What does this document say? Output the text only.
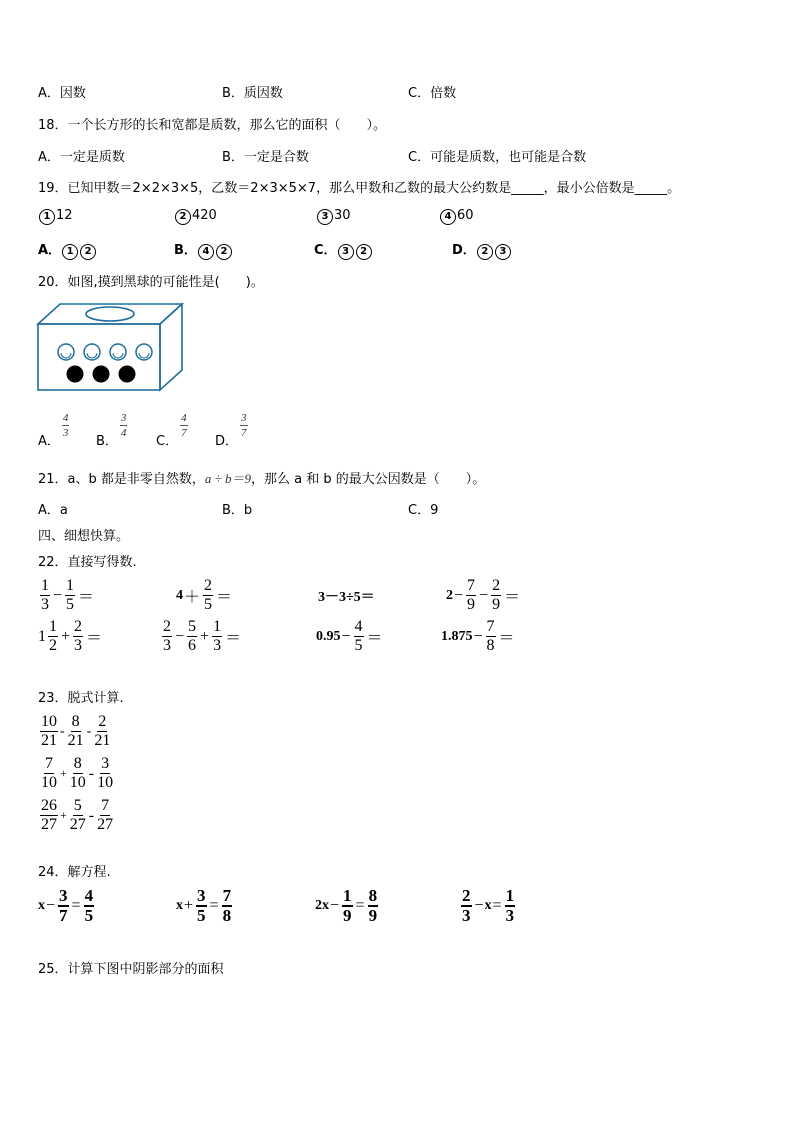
A．因数	B．质因数	C．倍数
18．一个长方形的长和宽都是质数，那么它的面积（　　）。
A．一定是质数	B．一定是合数	C．可能是质数，也可能是合数
19．已知甲数＝2×2×3×5，乙数＝2×3×5×7，那么甲数和乙数的最大公约数是_____，最小公倍数是_____。
1 12	2 420	3 30	4 60
A． 1 2	B． 4 2	C． 3 2	D． 2 3
20．如图,摸到黑球的可能性是(　　)。
A．
$\frac{4}{3}$
B．
$\frac{3}{4}$
C．
$\frac{4}{7}$
D．
$\frac{3}{7}$
21．a、b 都是非零自然数，a ÷ b＝9，那么 a 和 b 的最大公因数是（　　）。
A．a	B．b	C．9
四、细想快算。
22．直接写得数.
$\frac{1}{3} - \frac{1}{5}$ ＝	$4 + \frac{2}{5}$ ＝	3－3÷5＝	$2 - \frac{7}{9} - \frac{2}{9}$ ＝
$1 \frac{1}{2} + \frac{2}{3}$ ＝	$\frac{2}{3} - \frac{5}{6} + \frac{1}{3}$ ＝	$0.95 - \frac{4}{5}$ ＝	$1.875 - \frac{7}{8}$ ＝
23．脱式计算.
$\frac{10}{21} - \frac{8}{21} - \frac{2}{21}$
$\frac{7}{10} + \frac{8}{10} - \frac{3}{10}$
$\frac{26}{27} + \frac{5}{27} - \frac{7}{27}$
24．解方程.
$x - \frac{3}{7} = \frac{4}{5}$	$x + \frac{3}{5} = \frac{7}{8}$	$2x - \frac{1}{9} = \frac{8}{9}$	$\frac{2}{3} - x = \frac{1}{3}$
25．计算下图中阴影部分的面积
